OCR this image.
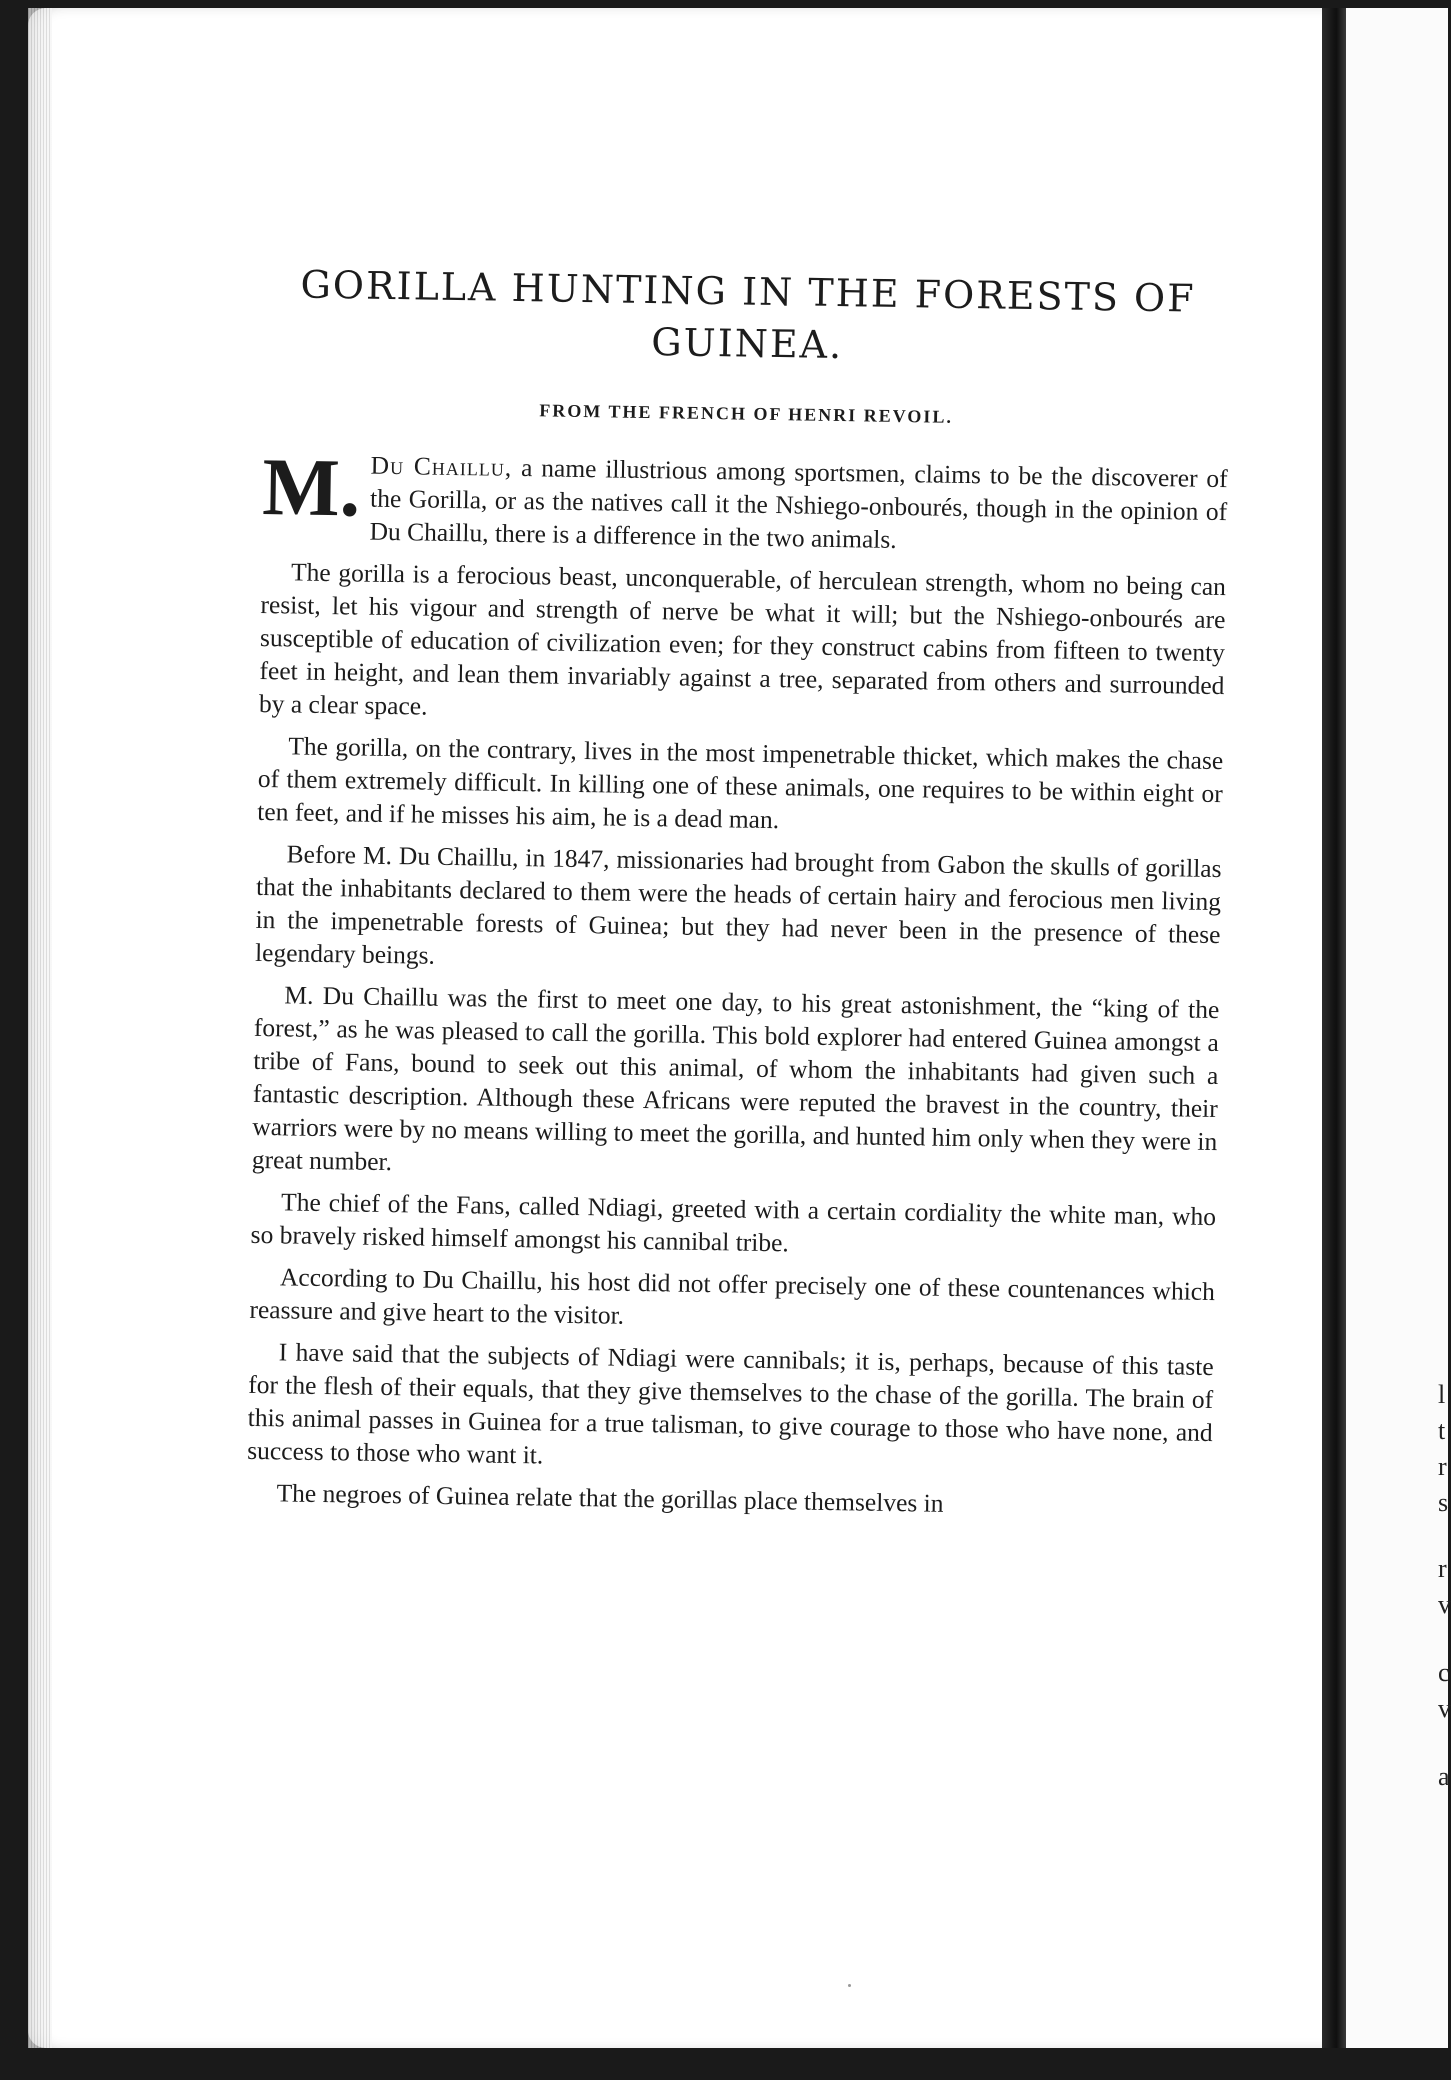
GORILLA HUNTING IN THE FORESTS OF
GUINEA.
FROM THE FRENCH OF HENRI REVOIL.

M. Du Chaillu, a name illustrious among sportsmen, claims to be the discoverer of the Gorilla, or as the natives call it the Nshiego-onbourés, though in the opinion of Du Chaillu, there is a difference in the two animals.

The gorilla is a ferocious beast, unconquerable, of herculean strength, whom no being can resist, let his vigour and strength of nerve be what it will; but the Nshiego-onbourés are susceptible of education of civilization even; for they construct cabins from fifteen to twenty feet in height, and lean them invariably against a tree, separated from others and surrounded by a clear space.

The gorilla, on the contrary, lives in the most impenetrable thicket, which makes the chase of them extremely difficult. In killing one of these animals, one requires to be within eight or ten feet, and if he misses his aim, he is a dead man.

Before M. Du Chaillu, in 1847, missionaries had brought from Gabon the skulls of gorillas that the inhabitants declared to them were the heads of certain hairy and ferocious men living in the impenetrable forests of Guinea; but they had never been in the presence of these legendary beings.

M. Du Chaillu was the first to meet one day, to his great astonishment, the “king of the forest,” as he was pleased to call the gorilla. This bold explorer had entered Guinea amongst a tribe of Fans, bound to seek out this animal, of whom the inhabitants had given such a fantastic description. Although these Africans were reputed the bravest in the country, their warriors were by no means willing to meet the gorilla, and hunted him only when they were in great number.

The chief of the Fans, called Ndiagi, greeted with a certain cordiality the white man, who so bravely risked himself amongst his cannibal tribe.

According to Du Chaillu, his host did not offer precisely one of these countenances which reassure and give heart to the visitor.

I have said that the subjects of Ndiagi were cannibals; it is, perhaps, because of this taste for the flesh of their equals, that they give themselves to the chase of the gorilla. The brain of this animal passes in Guinea for a true talisman, to give courage to those who have none, and success to those who want it.

The negroes of Guinea relate that the gorillas place themselves in

l
t
r
s
r
v
c
v
a
